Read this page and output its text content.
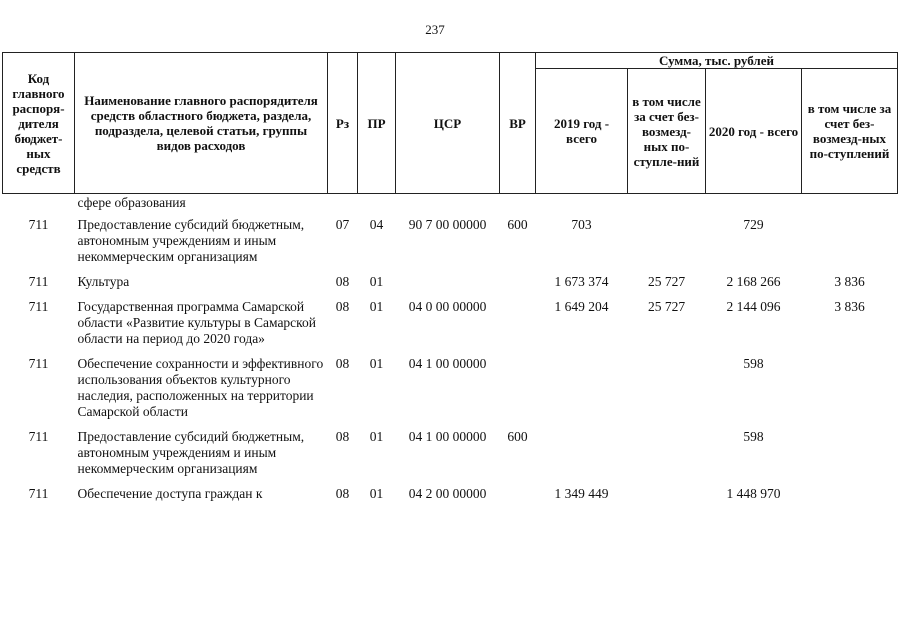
237
Код главного распоря-дителя бюджет-ных средств	Наименование главного распорядителя средств областного бюджета, раздела, подраздела, целевой статьи, группы видов расходов	Рз	ПР	ЦСР	ВР	Сумма, тыс. рублей			
						2019 год - всего	в том числе за счет без-возмезд-ных по-ступле-ний	2020 год - всего	в том числе за счет без-возмезд-ных по-ступлений
	сфере образования								
711	Предоставление субсидий бюджетным, автономным учреждениям и иным некоммерческим организациям	07	04	90 7 00 00000	600	703		729	
711	Культура	08	01			1 673 374	25 727	2 168 266	3 836
711	Государственная программа Самарской области «Развитие культуры в Самарской области на период до 2020 года»	08	01	04 0 00 00000		1 649 204	25 727	2 144 096	3 836
711	Обеспечение сохранности и эффективного использования объектов культурного наследия, расположенных на территории Самарской области	08	01	04 1 00 00000				598	
711	Предоставление субсидий бюджетным, автономным учреждениям и иным некоммерческим организациям	08	01	04 1 00 00000	600			598	
711	Обеспечение доступа граждан к	08	01	04 2 00 00000		1 349 449		1 448 970	
